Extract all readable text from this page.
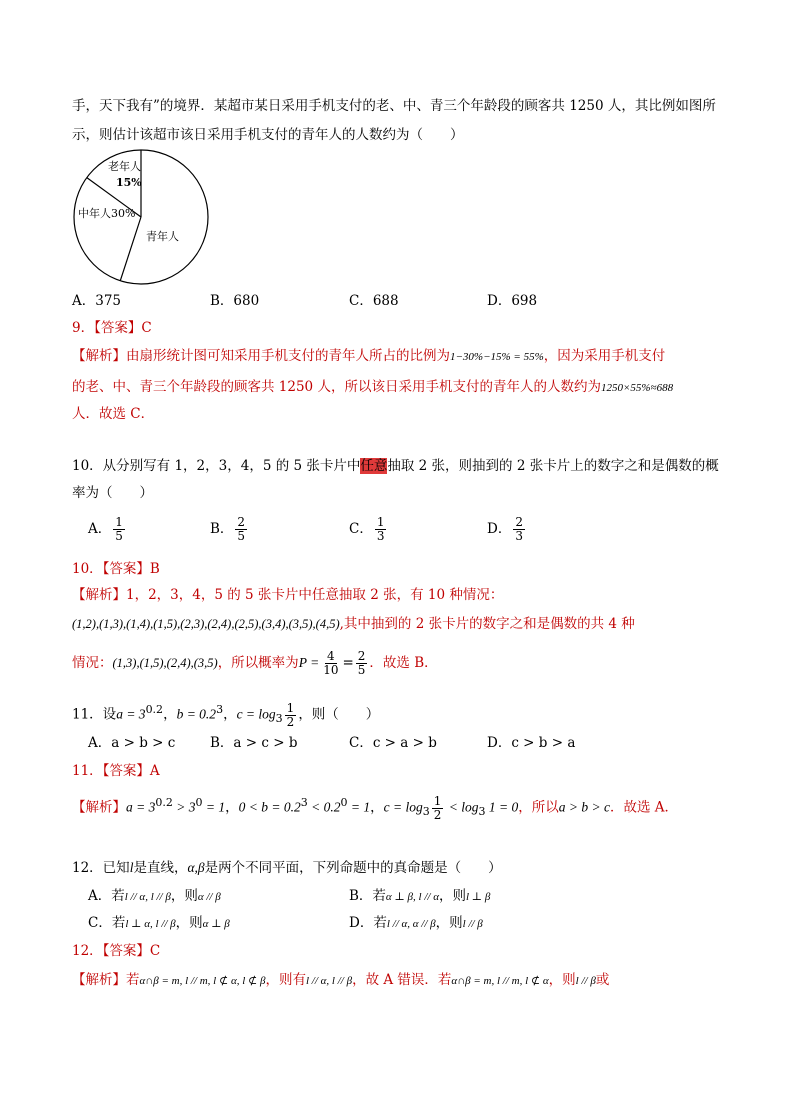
手，天下我有”的境界．某超市某日采用手机支付的老、中、青三个年龄段的顾客共 1250 人，其比例如图所
示，则估计该超市该日采用手机支付的青年人的人数约为（　　）
老年人
15%
中年人30%
青年人
A．375	B．680	C．688	D．698
9．【答案】C
【解析】由扇形统计图可知采用手机支付的青年人所占的比例为1−30%−15% = 55%，因为采用手机支付
的老、中、青三个年龄段的顾客共 1250 人，所以该日采用手机支付的青年人的人数约为1250×55%≈688
人．故选 C．
10．从分别写有 1，2，3，4，5 的 5 张卡片中任意抽取 2 张，则抽到的 2 张卡片上的数字之和是偶数的概
率为（　　）
A． $\frac{1}{5}$	B． $\frac{2}{5}$	C． $\frac{1}{3}$	D． $\frac{2}{3}$
10．【答案】B
【解析】1，2，3，4，5 的 5 张卡片中任意抽取 2 张，有 10 种情况：
(1,2),(1,3),(1,4),(1,5),(2,3),(2,4),(2,5),(3,4),(3,5),(4,5),其中抽到的 2 张卡片的数字之和是偶数的共 4 种
情况：(1,3),(1,5),(2,4),(3,5)，所以概率为$P = \frac{4}{10} = \frac{2}{5}$ ．故选 B．
11．设$a = 3^{0.2}$，$b = 0.2^3$，$c = \log_3 \frac{1}{2}$ ，则（　　）
A．a > b > c	B．a > c > b	C．c > a > b	D．c > b > a
11．【答案】A
【解析】$a = 3^{0.2} > 3^0 = 1$，$0 < b = 0.2^3 < 0.2^0 = 1$，$c = \log_3 \frac{1}{2} < \log_3 1 = 0$，所以a > b > c．故选 A．
12．已知l是直线，α,β是两个不同平面，下列命题中的真命题是（　　）
A．若l // α, l // β，则α // β	B．若α ⊥ β, l // α，则l ⊥ β
C．若l ⊥ α, l // β，则α ⊥ β	D．若l // α, α // β，则l // β
12．【答案】C
【解析】若α∩β = m, l // m, l ⊄ α, l ⊄ β，则有l // α, l // β，故 A 错误．若α∩β = m, l // m, l ⊄ α，则l // β或
